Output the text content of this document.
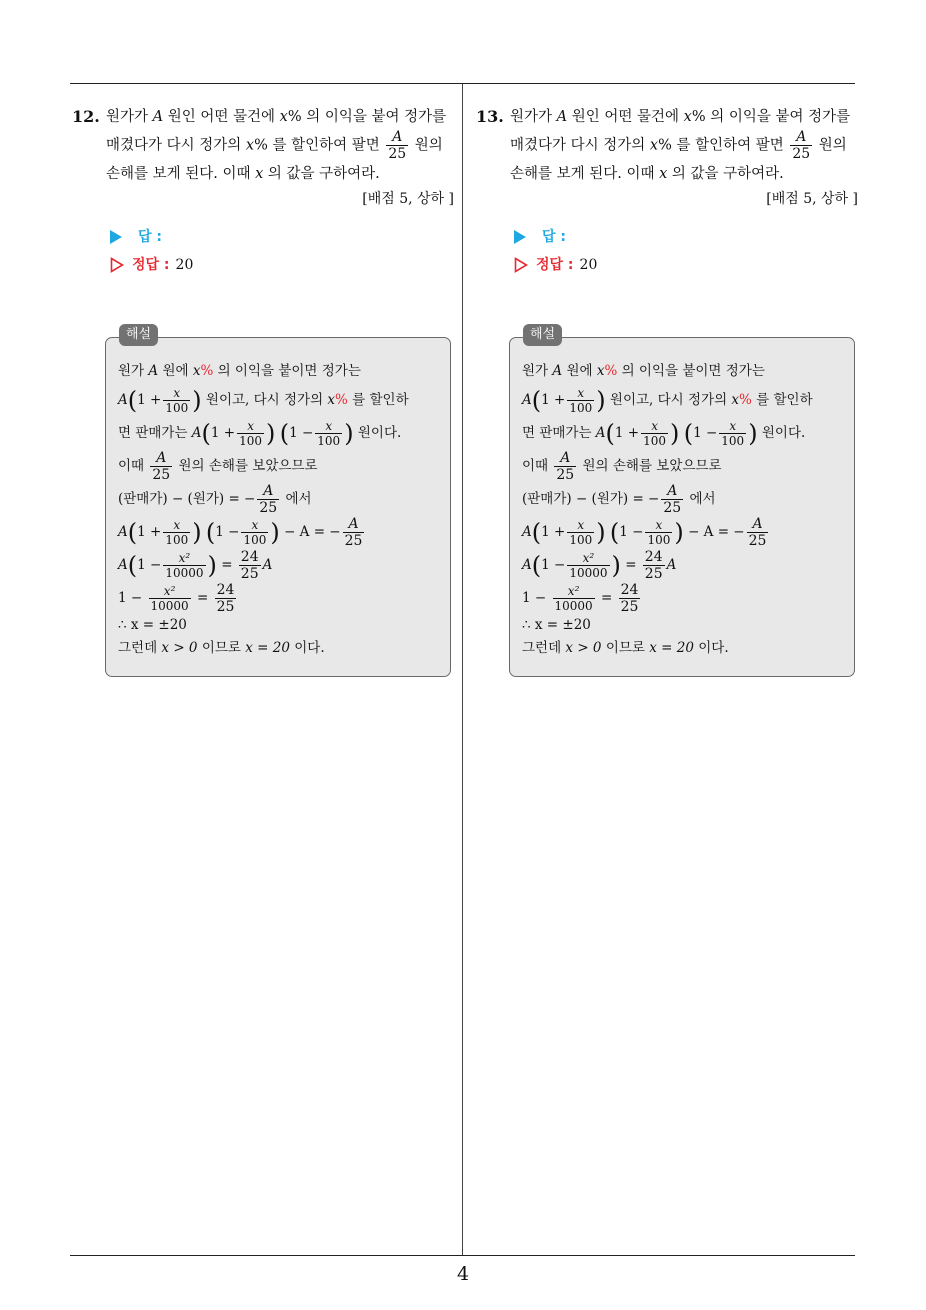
4
12. 원가가 A 원인 어떤 물건에 x% 의 이익을 붙여 정가를
매겼다가 다시 정가의 x% 를 할인하여 팔면 $\frac{A}{25}$ 원의
손해를 보게 된다. 이때 x 의 값을 구하여라.
[배점 5, 상하 ]
답 :
정답 : 20
해설
원가 A 원에 x% 의 이익을 붙이면 정가는
$A(1 + \frac{x}{100}$ ) 원이고, 다시 정가의 x% 를 할인하
면 판매가는 $A(1 + \frac{x}{100}$ ) ($1 - \frac{x}{100}$ ) 원이다.
이때 $\frac{A}{25}$ 원의 손해를 보았으므로
(판매가) − (원가) = − $\frac{A}{25}$ 에서
$A(1 + \frac{x}{100}$ ) ($1 - \frac{x}{100}$ ) − A = − $\frac{A}{25}$
$A(1 - \frac{\text{x²}}{10000}$ ) = $\frac{24}{25}$ A
$1 - \frac{\text{x²}}{10000} = \frac{24}{25}$
∴ x = ±20
그런데 x > 0 이므로 x = 20 이다.
13. 원가가 A 원인 어떤 물건에 x% 의 이익을 붙여 정가를
매겼다가 다시 정가의 x% 를 할인하여 팔면 $\frac{A}{25}$ 원의
손해를 보게 된다. 이때 x 의 값을 구하여라.
[배점 5, 상하 ]
답 :
정답 : 20
해설
원가 A 원에 x% 의 이익을 붙이면 정가는
$A(1 + \frac{x}{100}$ ) 원이고, 다시 정가의 x% 를 할인하
면 판매가는 $A(1 + \frac{x}{100}$ ) ($1 - \frac{x}{100}$ ) 원이다.
이때 $\frac{A}{25}$ 원의 손해를 보았으므로
(판매가) − (원가) = − $\frac{A}{25}$ 에서
$A(1 + \frac{x}{100}$ ) ($1 - \frac{x}{100}$ ) − A = − $\frac{A}{25}$
$A(1 - \frac{\text{x²}}{10000}$ ) = $\frac{24}{25}$ A
$1 - \frac{\text{x²}}{10000} = \frac{24}{25}$
∴ x = ±20
그런데 x > 0 이므로 x = 20 이다.
